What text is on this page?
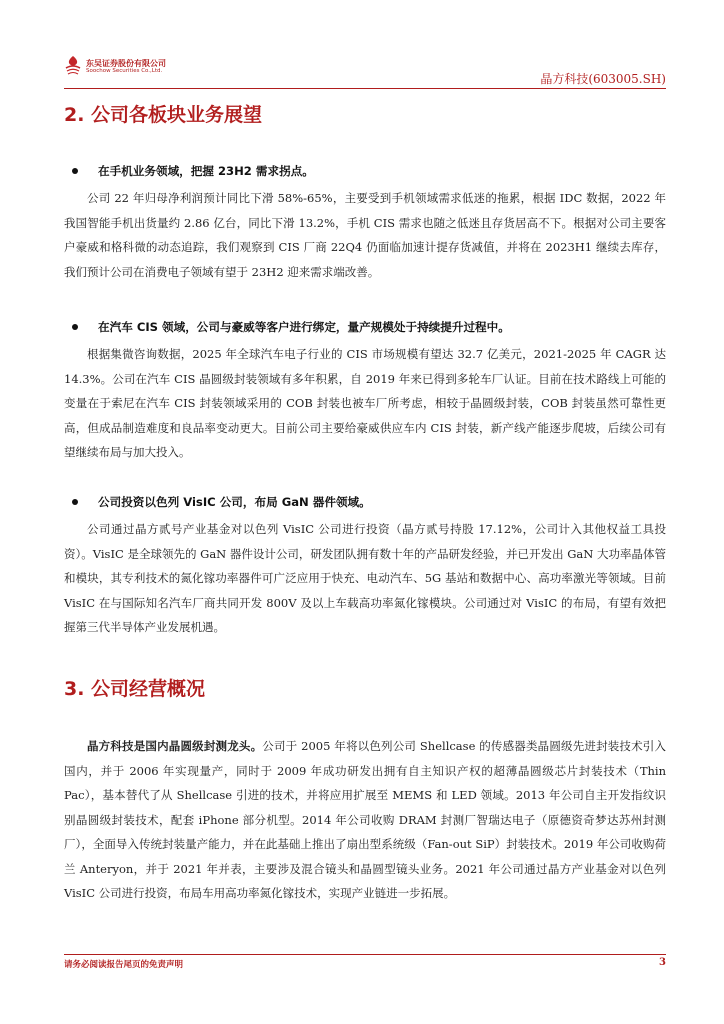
东吴证券股份有限公司
Soochow Securities Co.,Ltd.
晶方科技(603005.SH)
2. 公司各板块业务展望
在手机业务领域，把握 23H2 需求拐点。
公司 22 年归母净利润预计同比下滑 58%-65%，主要受到手机领域需求低迷的拖累，根据 IDC 数据，2022 年我国智能手机出货量约 2.86 亿台，同比下滑 13.2%，手机 CIS 需求也随之低迷且存货居高不下。根据对公司主要客户豪威和格科微的动态追踪，我们观察到 CIS 厂商 22Q4 仍面临加速计提存货减值，并将在 2023H1 继续去库存，我们预计公司在消费电子领域有望于 23H2 迎来需求端改善。
在汽车 CIS 领域，公司与豪威等客户进行绑定，量产规模处于持续提升过程中。
根据集微咨询数据，2025 年全球汽车电子行业的 CIS 市场规模有望达 32.7 亿美元，2021-2025 年 CAGR 达 14.3%。公司在汽车 CIS 晶圆级封装领域有多年积累，自 2019 年来已得到多轮车厂认证。目前在技术路线上可能的变量在于索尼在汽车 CIS 封装领域采用的 COB 封装也被车厂所考虑，相较于晶圆级封装，COB 封装虽然可靠性更高，但成品制造难度和良品率变动更大。目前公司主要给豪威供应车内 CIS 封装，新产线产能逐步爬坡，后续公司有望继续布局与加大投入。
公司投资以色列 VisIC 公司，布局 GaN 器件领域。
公司通过晶方贰号产业基金对以色列 VisIC 公司进行投资（晶方贰号持股 17.12%，公司计入其他权益工具投资）。VisIC 是全球领先的 GaN 器件设计公司，研发团队拥有数十年的产品研发经验，并已开发出 GaN 大功率晶体管和模块，其专利技术的氮化镓功率器件可广泛应用于快充、电动汽车、5G 基站和数据中心、高功率激光等领域。目前 VisIC 在与国际知名汽车厂商共同开发 800V 及以上车载高功率氮化镓模块。公司通过对 VisIC 的布局，有望有效把握第三代半导体产业发展机遇。
3. 公司经营概况
晶方科技是国内晶圆级封测龙头。公司于 2005 年将以色列公司 Shellcase 的传感器类晶圆级先进封装技术引入国内，并于 2006 年实现量产，同时于 2009 年成功研发出拥有自主知识产权的超薄晶圆级芯片封装技术（Thin Pac），基本替代了从 Shellcase 引进的技术，并将应用扩展至 MEMS 和 LED 领域。2013 年公司自主开发指纹识别晶圆级封装技术，配套 iPhone 部分机型。2014 年公司收购 DRAM 封测厂智瑞达电子（原德资奇梦达苏州封测厂），全面导入传统封装量产能力，并在此基础上推出了扇出型系统级（Fan-out SiP）封装技术。2019 年公司收购荷兰 Anteryon，并于 2021 年并表，主要涉及混合镜头和晶圆型镜头业务。2021 年公司通过晶方产业基金对以色列 VisIC 公司进行投资，布局车用高功率氮化镓技术，实现产业链进一步拓展。
请务必阅读报告尾页的免责声明	3
